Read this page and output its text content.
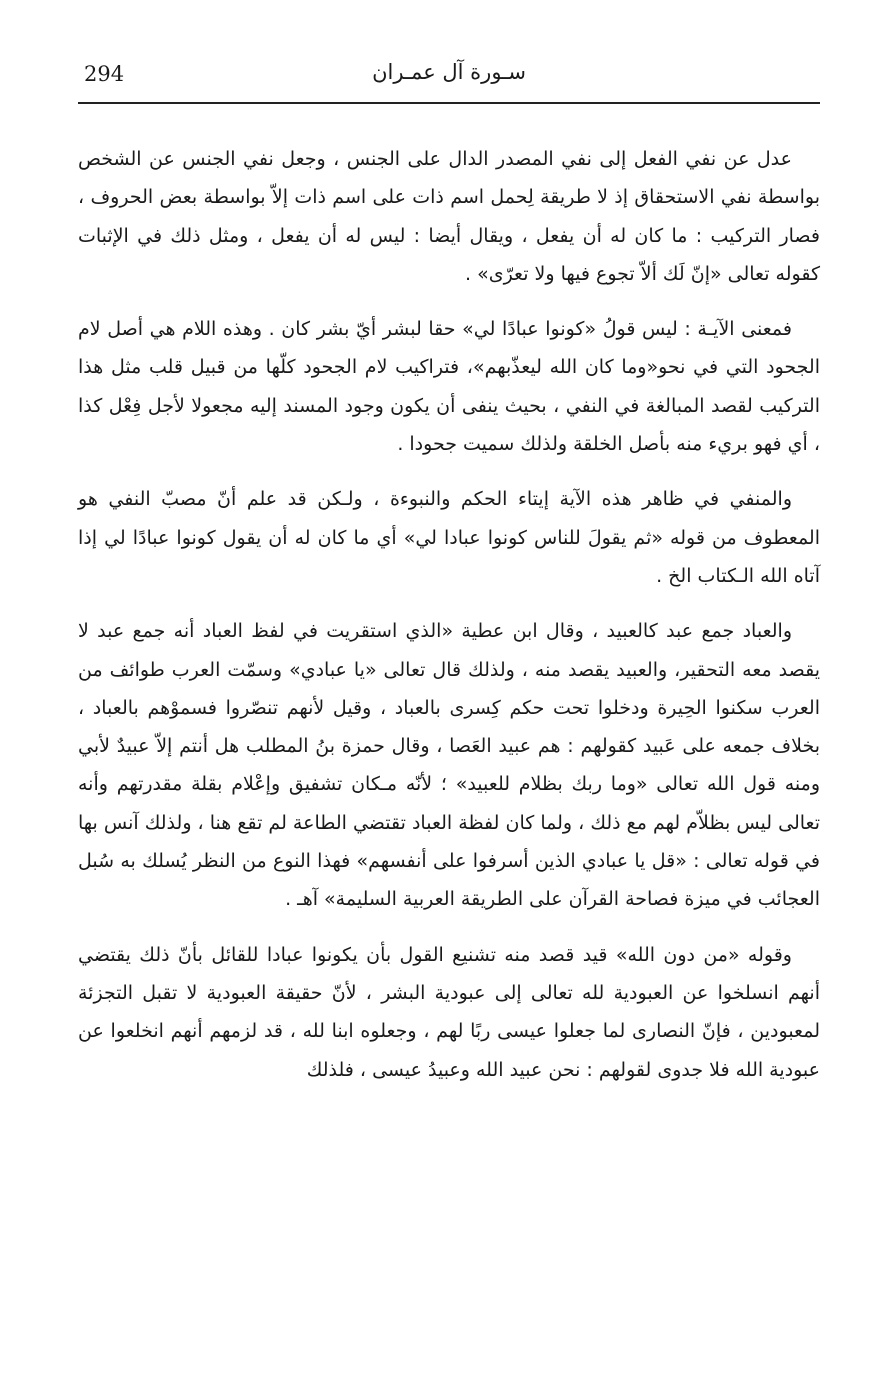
294	سـورة آل عمـران

عدل عن نفي الفعل إلى نفي المصدر الدال على الجنس ، وجعل نفي الجنس عن الشخص بواسطة نفي الاستحقاق إذ لا طريقة لِحمل اسم ذات على اسم ذات إلاّ بواسطة بعض الحروف ، فصار التركيب : ما كان له أن يفعل ، ويقال أيضا : ليس له أن يفعل ، ومثل ذلك في الإثبات كقوله تعالى «إنّ لَك ألاّ تجوع فيها ولا تعرّى» .

فمعنى الآيـة : ليس قولُ «كونوا عبادًا لي» حقا لبشر أيّ بشر كان . وهذه اللام هي أصل لام الجحود التي في نحو«وما كان الله ليعذّبهم»، فتراكيب لام الجحود كلّها من قبيل قلب مثل هذا التركيب لقصد المبالغة في النفي ، بحيث ينفى أن يكون وجود المسند إليه مجعولا لأجل فِعْل كذا ، أي فهو بريء منه بأصل الخلقة ولذلك سميت جحودا .

والمنفي في ظاهر هذه الآية إيتاء الحكم والنبوءة ، ولـكن قد علم أنّ مصبّ النفي هو المعطوف من قوله «ثم يقولَ للناس كونوا عبادا لي» أي ما كان له أن يقول كونوا عبادًا لي إذا آتاه الله الـكتاب الخ .

والعباد جمع عبد كالعبيد ، وقال ابن عطية «الذي استقريت في لفظ العباد أنه جمع عبد لا يقصد معه التحقير، والعبيد يقصد منه ، ولذلك قال تعالى «يا عبادي» وسمّت العرب طوائف من العرب سكنوا الحِيرة ودخلوا تحت حكم كِسرى بالعباد ، وقيل لأنهم تنصّروا فسموْهم بالعباد ، بخلاف جمعه على عَبيد كقولهم : هم عبيد العَصا ، وقال حمزة بنُ المطلب هل أنتم إلاّ عبيدٌ لأبي ومنه قول الله تعالى «وما ربك بظلام للعبيد» ؛ لأنّه مـكان تشفيق وإعْلام بقلة مقدرتهم وأنه تعالى ليس بظلاّم لهم مع ذلك ، ولما كان لفظة العباد تقتضي الطاعة لم تقع هنا ، ولذلك آنس بها في قوله تعالى : «قل يا عبادي الذين أسرفوا على أنفسهم» فهذا النوع من النظر يُسلك به سُبل العجائب في ميزة فصاحة القرآن على الطريقة العربية السليمة» آهـ .

وقوله «من دون الله» قيد قصد منه تشنيع القول بأن يكونوا عبادا للقائل بأنّ ذلك يقتضي أنهم انسلخوا عن العبودية لله تعالى إلى عبودية البشر ، لأنّ حقيقة العبودية لا تقبل التجزئة لمعبودين ، فإنّ النصارى لما جعلوا عيسى ربًا لهم ، وجعلوه ابنا لله ، قد لزمهم أنهم انخلعوا عن عبودية الله فلا جدوى لقولهم : نحن عبيد الله وعبيدُ عيسى ، فلذلك
